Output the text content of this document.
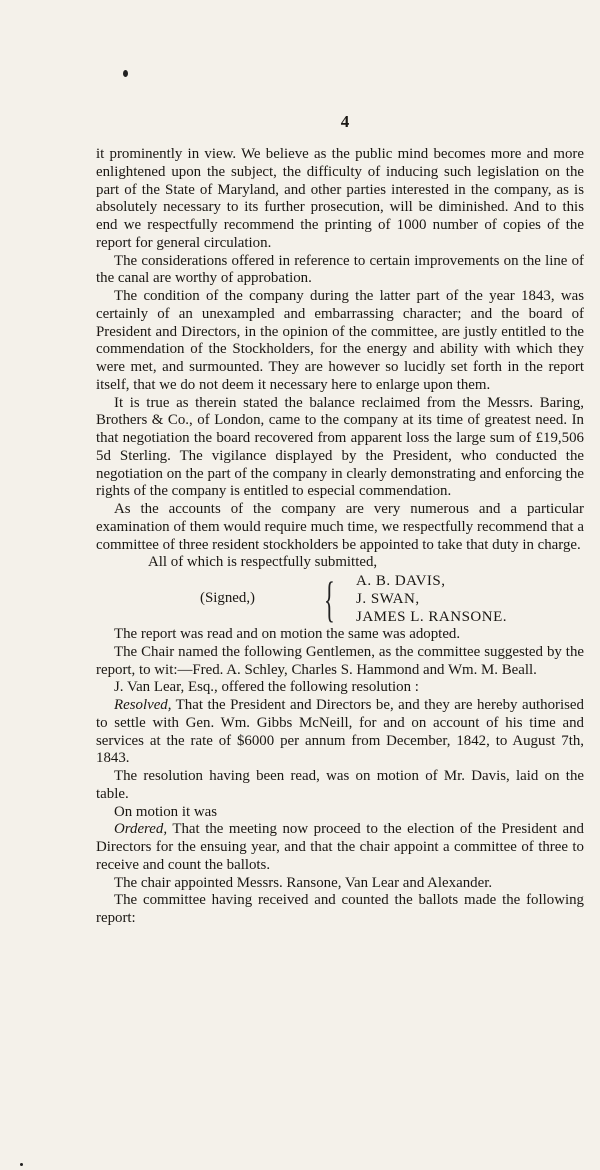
4

it prominently in view. We believe as the public mind becomes more and more enlightened upon the subject, the difficulty of inducing such legislation on the part of the State of Maryland, and other parties interested in the company, as is absolutely necessary to its further prosecution, will be diminished. And to this end we respectfully recommend the printing of 1000 number of copies of the report for general circulation.

The considerations offered in reference to certain improvements on the line of the canal are worthy of approbation.

The condition of the company during the latter part of the year 1843, was certainly of an unexampled and embarrassing character; and the board of President and Directors, in the opinion of the committee, are justly entitled to the commendation of the Stockholders, for the energy and ability with which they were met, and surmounted. They are however so lucidly set forth in the report itself, that we do not deem it necessary here to enlarge upon them.

It is true as therein stated the balance reclaimed from the Messrs. Baring, Brothers & Co., of London, came to the company at its time of greatest need. In that negotiation the board recovered from apparent loss the large sum of £19,506 5d Sterling. The vigilance displayed by the President, who conducted the negotiation on the part of the company in clearly demonstrating and enforcing the rights of the company is entitled to especial commendation.

As the accounts of the company are very numerous and a particular examination of them would require much time, we respectfully recommend that a committee of three resident stockholders be appointed to take that duty in charge.

All of which is respectfully submitted,

(Signed,) { A. B. DAVIS,
J. SWAN,
JAMES L. RANSONE.

The report was read and on motion the same was adopted.

The Chair named the following Gentlemen, as the committee suggested by the report, to wit:—Fred. A. Schley, Charles S. Hammond and Wm. M. Beall.

J. Van Lear, Esq., offered the following resolution :

Resolved, That the President and Directors be, and they are hereby authorised to settle with Gen. Wm. Gibbs McNeill, for and on account of his time and services at the rate of $6000 per annum from December, 1842, to August 7th, 1843.

The resolution having been read, was on motion of Mr. Davis, laid on the table.

On motion it was

Ordered, That the meeting now proceed to the election of the President and Directors for the ensuing year, and that the chair appoint a committee of three to receive and count the ballots.

The chair appointed Messrs. Ransone, Van Lear and Alexander.

The committee having received and counted the ballots made the following report:
